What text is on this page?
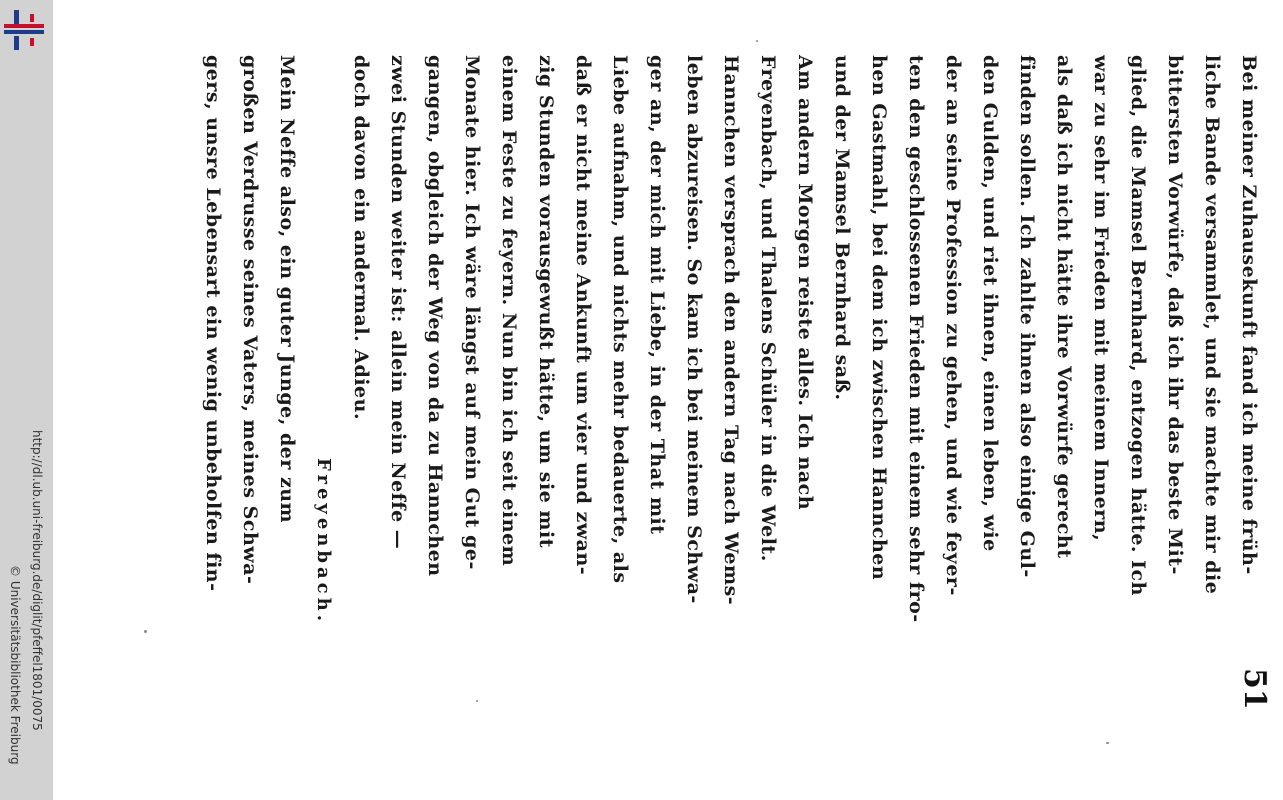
http://dl.ub.uni-freiburg.de/diglit/pfeffel1801/0075
© Universitätsbibliothek Freiburg	51
Bei meiner Zuhausekunft fand ich meine früh-
liche Bande versammlet, und sie machte mir die
bittersten Vorwürfe, daß ich ihr das beste Mit-
glied, die Mamsel Bernhard, entzogen hätte. Ich
war zu sehr im Frieden mit meinem Innern,
als daß ich nicht hätte ihre Vorwürfe gerecht
finden sollen. Ich zahlte ihnen also einige Gul-
den Gulden, und riet ihnen, einen leben, wie
der an seine Profession zu gehen, und wie feyer-
ten den geschlossenen Frieden mit einem sehr fro-
hen Gastmahl, bei dem ich zwischen Hannchen
und der Mamsel Bernhard saß.
Am andern Morgen reiste alles. Ich nach
Freyenbach, und Thalens Schüler in die Welt.
Hannchen versprach den andern Tag nach Wems-
leben abzureisen. So kam ich bei meinem Schwa-
ger an, der mich mit Liebe, in der That mit
Liebe aufnahm, und nichts mehr bedauerte, als
daß er nicht meine Ankunft um vier und zwan-
zig Stunden vorausgewußt hätte, um sie mit
einem Feste zu feyern. Nun bin ich seit einem
Monate hier. Ich wäre längst auf mein Gut ge-
gangen, obgleich der Weg von da zu Hannchen
zwei Stunden weiter ist: allein mein Neffe —
doch davon ein andermal. Adieu.
Mein Neffe also, ein guter Junge, der zum
großen Verdrusse seines Vaters, meines Schwa-
gers, unsre Lebensart ein wenig unbeholfen fin-	Freyenbach.
